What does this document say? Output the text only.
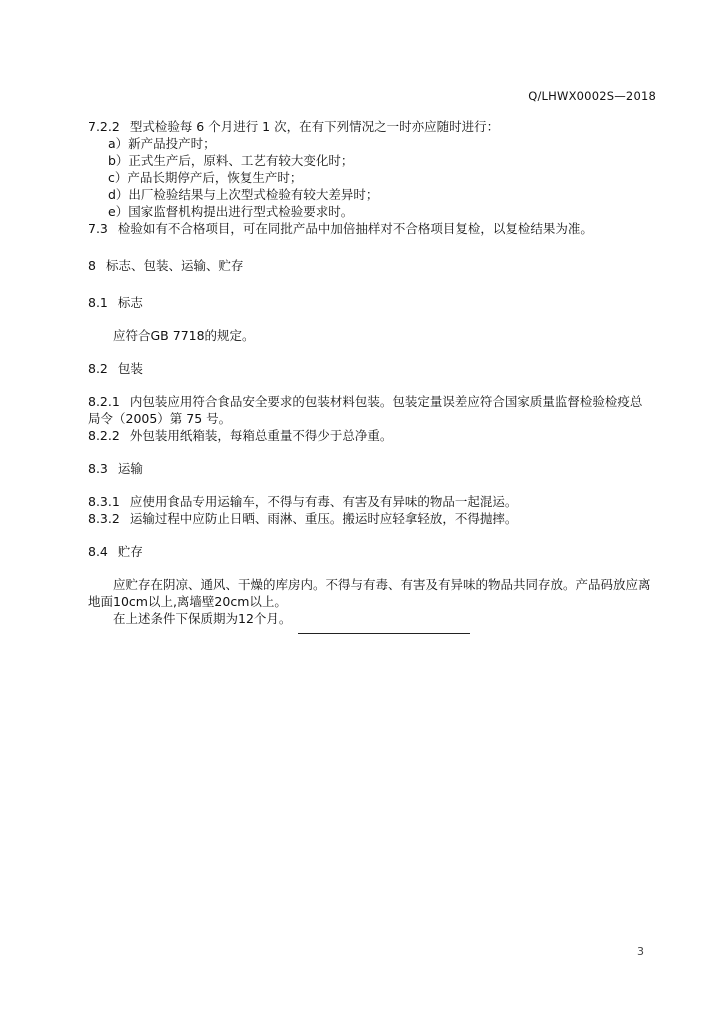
Q/LHWX0002S—2018
7.2.2 型式检验每 6 个月进行 1 次，在有下列情况之一时亦应随时进行：
a）新产品投产时；
b）正式生产后，原料、工艺有较大变化时；
c）产品长期停产后，恢复生产时；
d）出厂检验结果与上次型式检验有较大差异时；
e）国家监督机构提出进行型式检验要求时。
7.3 检验如有不合格项目，可在同批产品中加倍抽样对不合格项目复检，以复检结果为准。
8 标志、包装、运输、贮存
8.1 标志
应符合GB 7718的规定。
8.2 包装
8.2.1 内包装应用符合食品安全要求的包装材料包装。包装定量误差应符合国家质量监督检验检疫总
局令（2005）第 75 号。
8.2.2 外包装用纸箱装，每箱总重量不得少于总净重。
8.3 运输
8.3.1 应使用食品专用运输车，不得与有毒、有害及有异味的物品一起混运。
8.3.2 运输过程中应防止日晒、雨淋、重压。搬运时应轻拿轻放，不得抛摔。
8.4 贮存
应贮存在阴凉、通风、干燥的库房内。不得与有毒、有害及有异味的物品共同存放。产品码放应离
地面10cm以上,离墙壁20cm以上。
在上述条件下保质期为12个月。
3
